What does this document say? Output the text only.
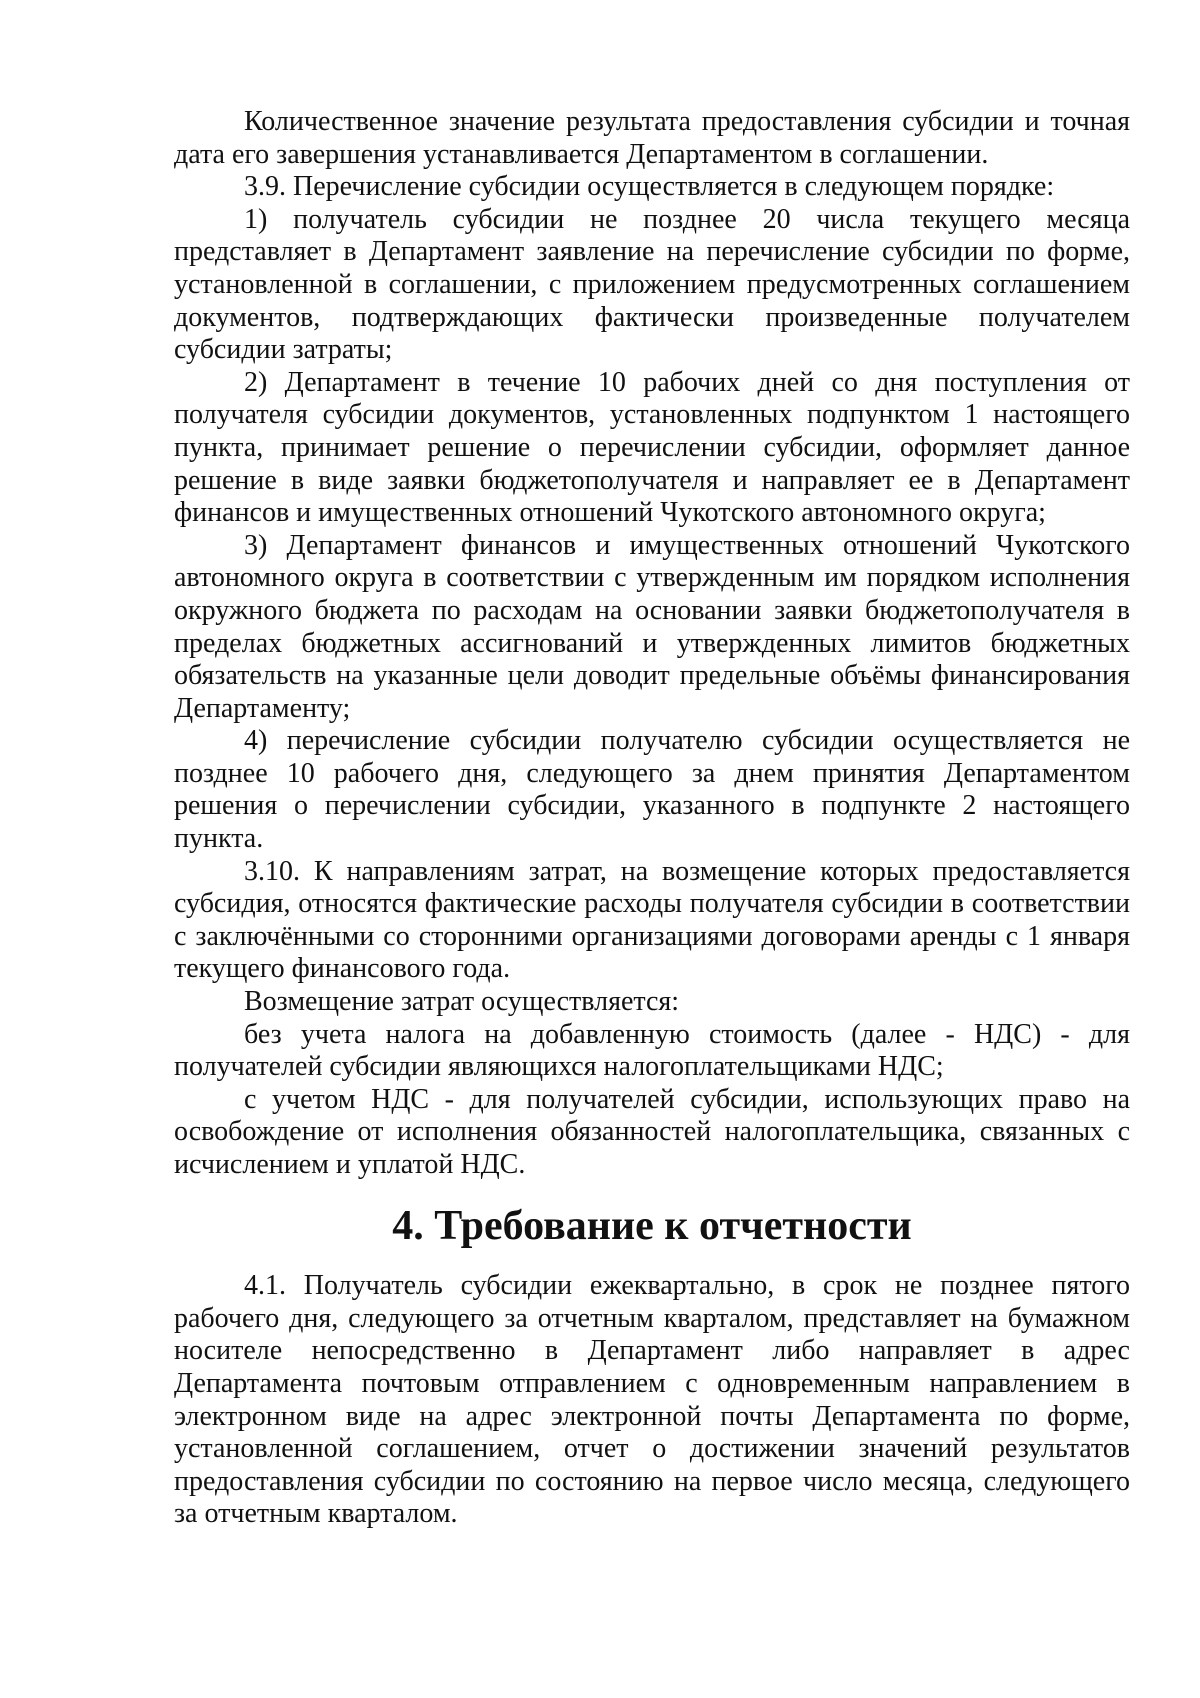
Количественное значение результата предоставления субсидии и точная дата его завершения устанавливается Департаментом в соглашении.

3.9. Перечисление субсидии осуществляется в следующем порядке:

1) получатель субсидии не позднее 20 числа текущего месяца представляет в Департамент заявление на перечисление субсидии по форме, установленной в соглашении, с приложением предусмотренных соглашением документов, подтверждающих фактически произведенные получателем субсидии затраты;

2) Департамент в течение 10 рабочих дней со дня поступления от получателя субсидии документов, установленных подпунктом 1 настоящего пункта, принимает решение о перечислении субсидии, оформляет данное решение в виде заявки бюджетополучателя и направляет ее в Департамент финансов и имущественных отношений Чукотского автономного округа;

3) Департамент финансов и имущественных отношений Чукотского автономного округа в соответствии с утвержденным им порядком исполнения окружного бюджета по расходам на основании заявки бюджетополучателя в пределах бюджетных ассигнований и утвержденных лимитов бюджетных обязательств на указанные цели доводит предельные объёмы финансирования Департаменту;

4) перечисление субсидии получателю субсидии осуществляется не позднее 10 рабочего дня, следующего за днем принятия Департаментом решения о перечислении субсидии, указанного в подпункте 2 настоящего пункта.

3.10. К направлениям затрат, на возмещение которых предоставляется субсидия, относятся фактические расходы получателя субсидии в соответствии с заключёнными со сторонними организациями договорами аренды с 1 января текущего финансового года.

Возмещение затрат осуществляется:

без учета налога на добавленную стоимость (далее - НДС) - для получателей субсидии являющихся налогоплательщиками НДС;

с учетом НДС - для получателей субсидии, использующих право на освобождение от исполнения обязанностей налогоплательщика, связанных с исчислением и уплатой НДС.

4. Требование к отчетности

4.1. Получатель субсидии ежеквартально, в срок не позднее пятого рабочего дня, следующего за отчетным кварталом, представляет на бумажном носителе непосредственно в Департамент либо направляет в адрес Департамента почтовым отправлением с одновременным направлением в электронном виде на адрес электронной почты Департамента по форме, установленной соглашением, отчет о достижении значений результатов предоставления субсидии по состоянию на первое число месяца, следующего за отчетным кварталом.
